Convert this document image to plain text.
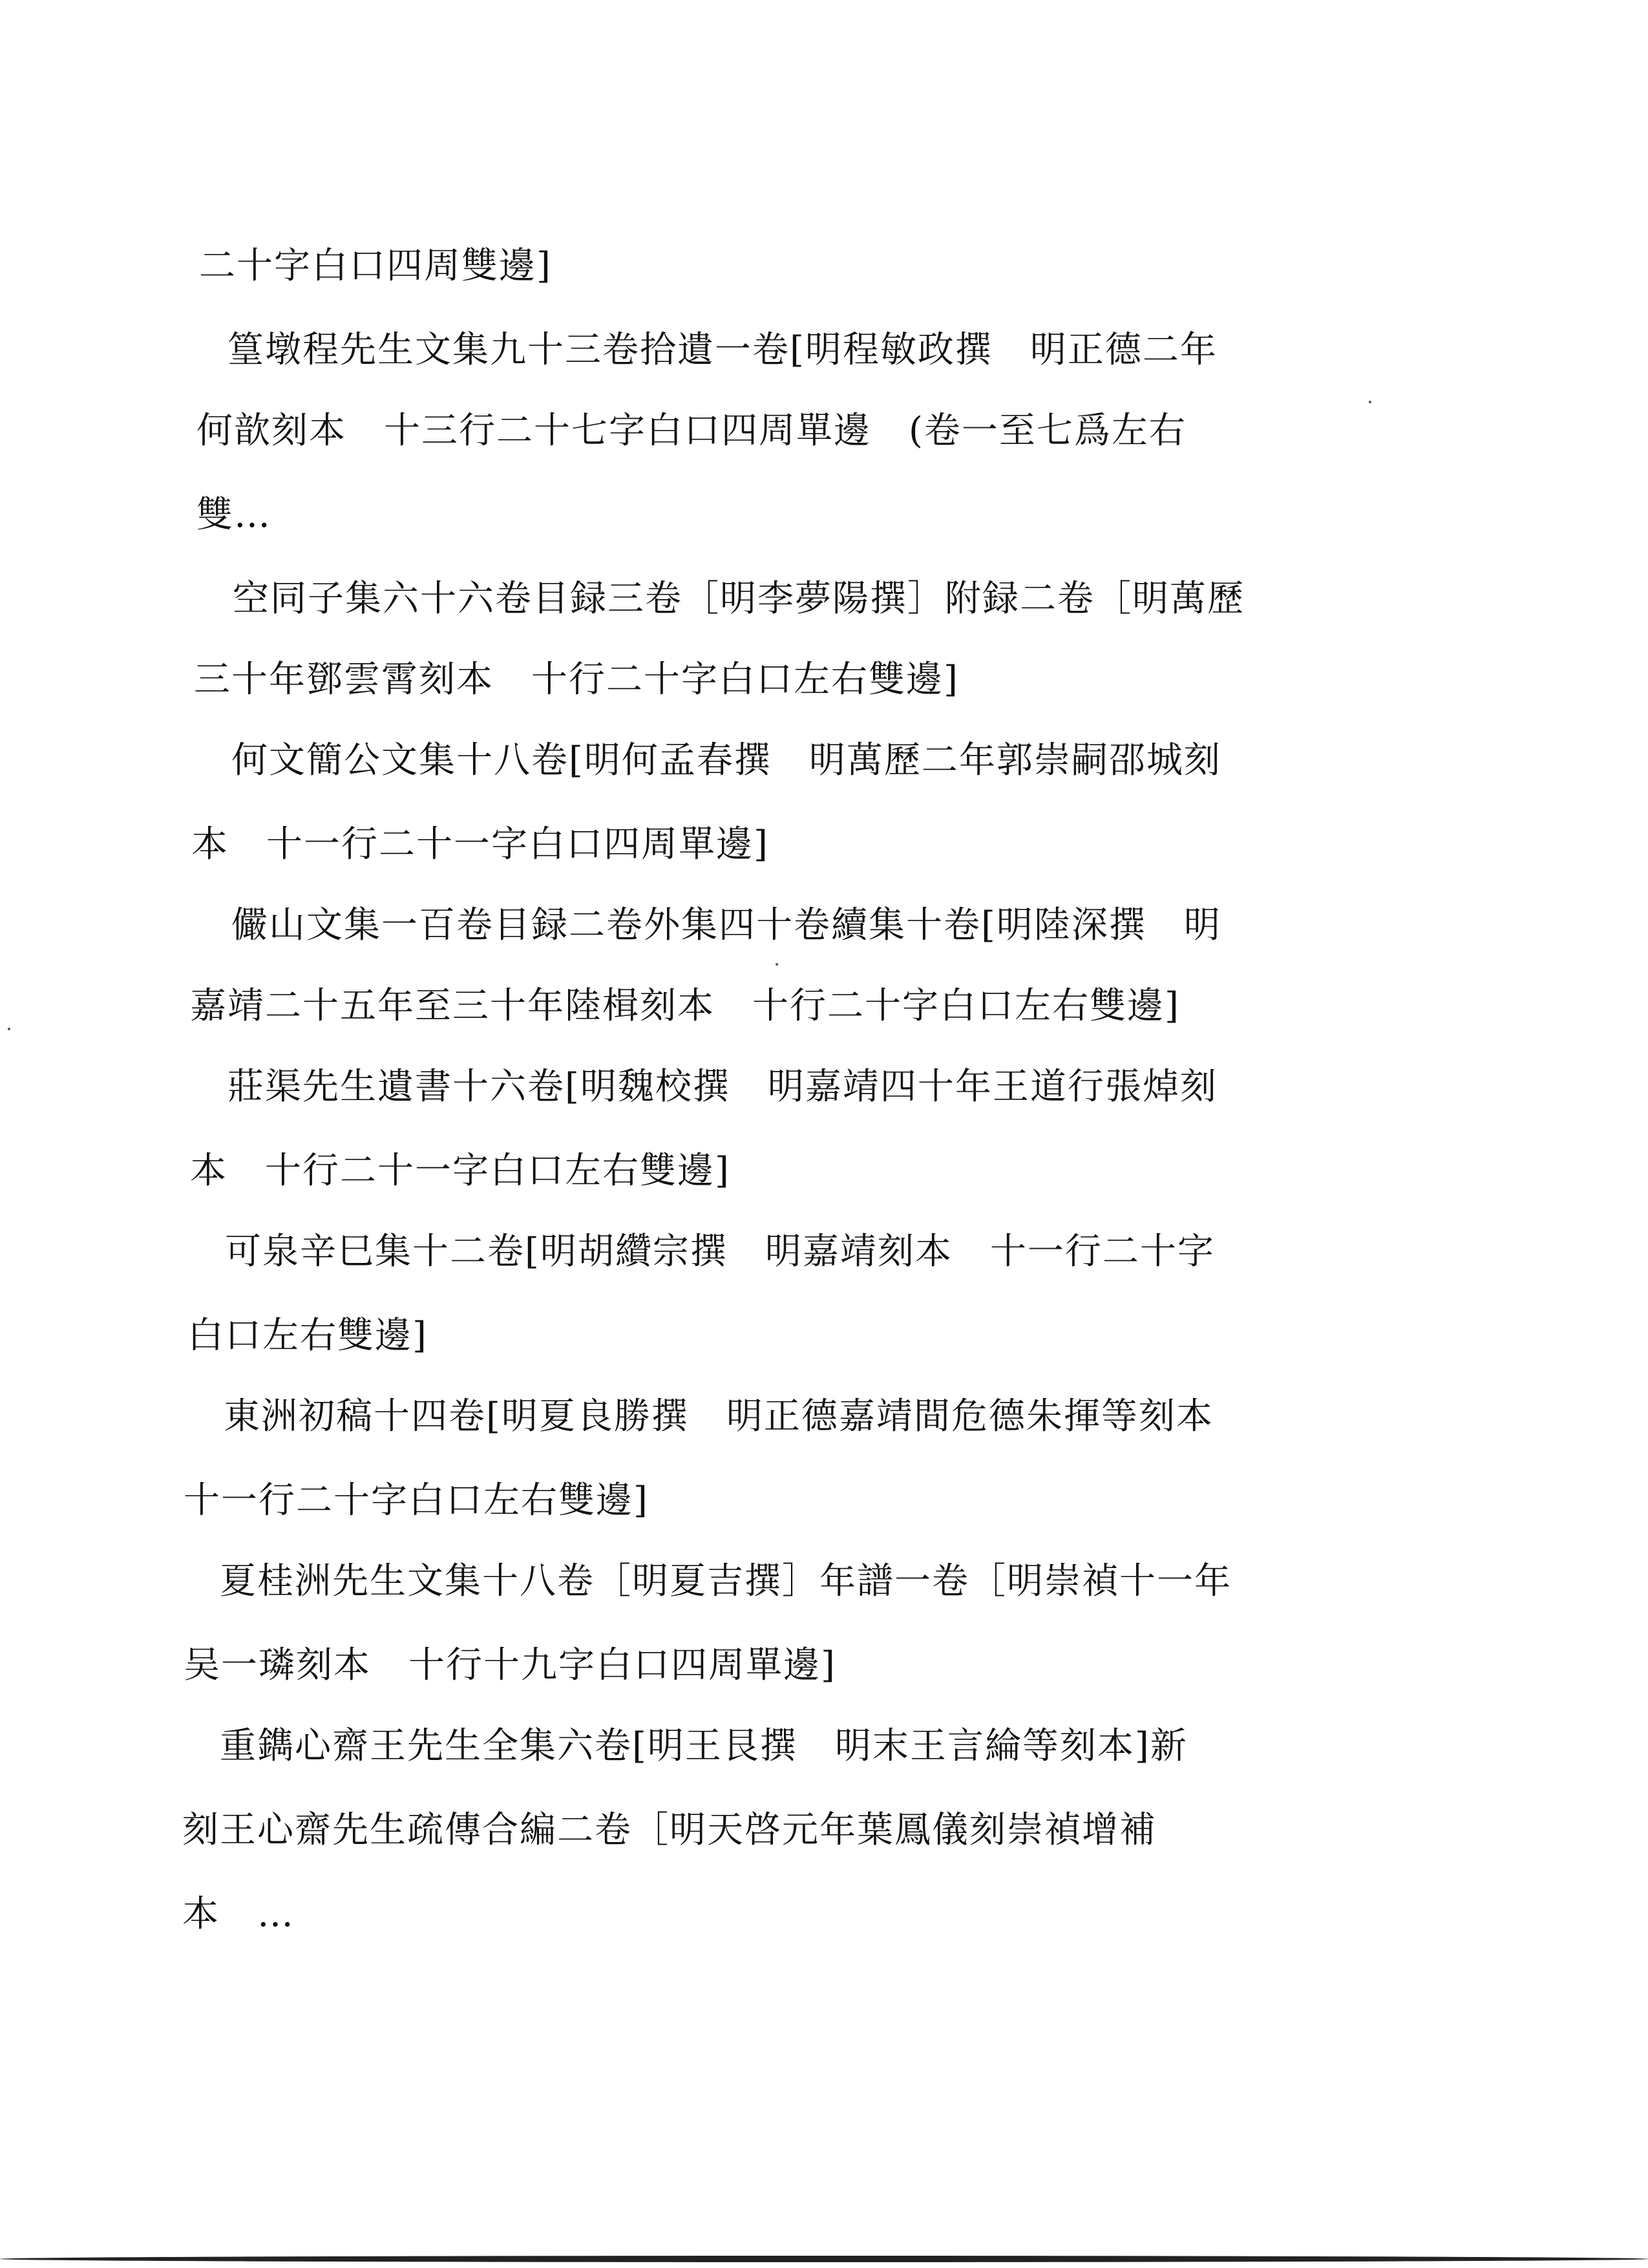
二十字白口四周雙邊]
篁墩程先生文集九十三卷拾遺一卷[明程敏政撰　明正德二年
何歆刻本　十三行二十七字白口四周單邊　(卷一至七爲左右
雙…
空同子集六十六卷目録三卷［明李夢陽撰］附録二卷［明萬歷
三十年鄧雲霄刻本　十行二十字白口左右雙邊]
何文簡公文集十八卷[明何孟春撰　明萬歷二年郭崇嗣邵城刻
本　十一行二十一字白口四周單邊]
儼山文集一百卷目録二卷外集四十卷續集十卷[明陸深撰　明
嘉靖二十五年至三十年陸楫刻本　十行二十字白口左右雙邊]
莊渠先生遺書十六卷[明魏校撰　明嘉靖四十年王道行張焯刻
本　十行二十一字白口左右雙邊]
可泉辛巳集十二卷[明胡纘宗撰　明嘉靖刻本　十一行二十字
白口左右雙邊]
東洲初稿十四卷[明夏良勝撰　明正德嘉靖間危德朱揮等刻本
十一行二十字白口左右雙邊]
夏桂洲先生文集十八卷［明夏吉撰］年譜一卷［明崇禎十一年
吴一璘刻本　十行十九字白口四周單邊]
重鐫心齋王先生全集六卷[明王艮撰　明末王言綸等刻本]新
刻王心齋先生疏傳合編二卷［明天啓元年葉鳳儀刻崇禎增補
本　…
